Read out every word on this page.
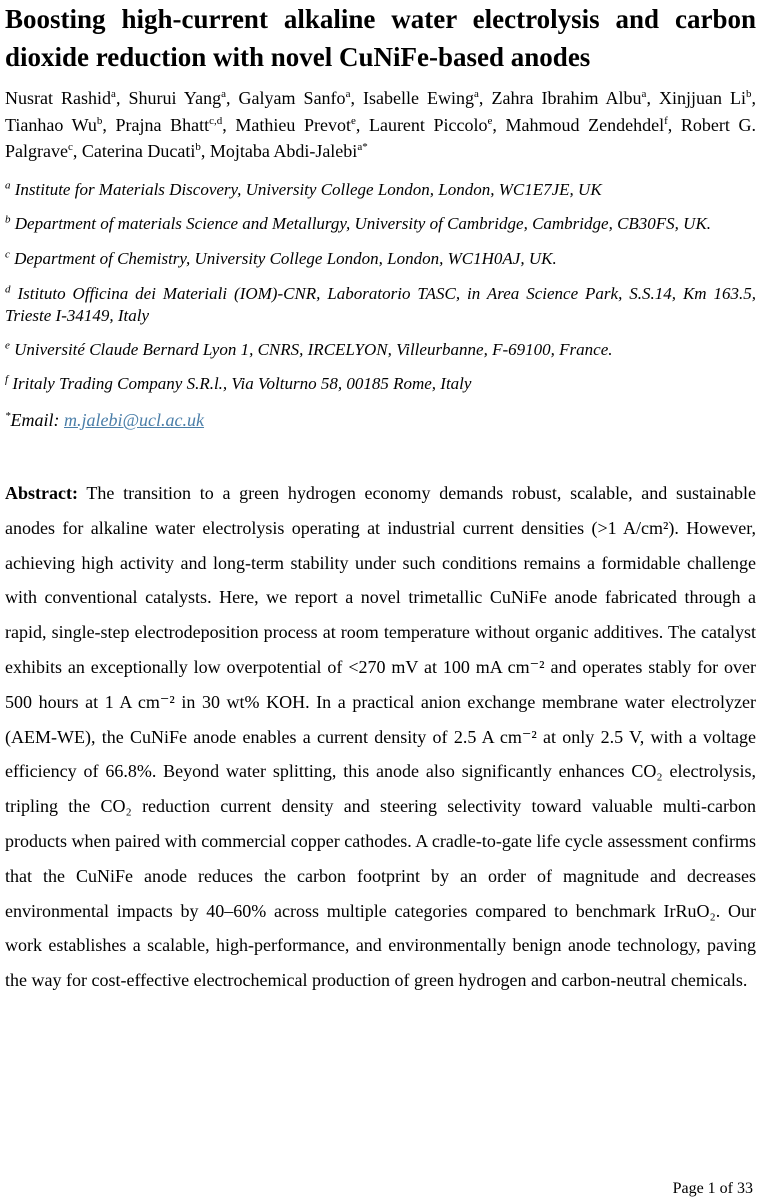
Boosting high-current alkaline water electrolysis and carbon dioxide reduction with novel CuNiFe-based anodes

Nusrat Rashid$^a$, Shurui Yang$^a$, Galyam Sanfo$^a$, Isabelle Ewing$^a$, Zahra Ibrahim Albu$^a$, Xinjjuan Li$^b$, Tianhao Wu$^b$, Prajna Bhatt$^{c,d}$, Mathieu Prevot$^e$, Laurent Piccolo$^e$, Mahmoud Zendehdel$^f$, Robert G. Palgrave$^c$, Caterina Ducati$^b$, Mojtaba Abdi-Jalebi$^{a*}$

$^a$ Institute for Materials Discovery, University College London, London, WC1E7JE, UK

$^b$ Department of materials Science and Metallurgy, University of Cambridge, Cambridge, CB30FS, UK.

$^c$ Department of Chemistry, University College London, London, WC1H0AJ, UK.

$^d$ Istituto Officina dei Materiali (IOM)-CNR, Laboratorio TASC, in Area Science Park, S.S.14, Km 163.5, Trieste I-34149, Italy

$^e$ Université Claude Bernard Lyon 1, CNRS, IRCELYON, Villeurbanne, F-69100, France.

$^f$ Iritaly Trading Company S.R.l., Via Volturno 58, 00185 Rome, Italy

*Email: m.jalebi@ucl.ac.uk

Abstract: The transition to a green hydrogen economy demands robust, scalable, and sustainable anodes for alkaline water electrolysis operating at industrial current densities (>1 A/cm²). However, achieving high activity and long-term stability under such conditions remains a formidable challenge with conventional catalysts. Here, we report a novel trimetallic CuNiFe anode fabricated through a rapid, single-step electrodeposition process at room temperature without organic additives. The catalyst exhibits an exceptionally low overpotential of <270 mV at 100 mA cm⁻² and operates stably for over 500 hours at 1 A cm⁻² in 30 wt% KOH. In a practical anion exchange membrane water electrolyzer (AEM-WE), the CuNiFe anode enables a current density of 2.5 A cm⁻² at only 2.5 V, with a voltage efficiency of 66.8%. Beyond water splitting, this anode also significantly enhances CO₂ electrolysis, tripling the CO₂ reduction current density and steering selectivity toward valuable multi-carbon products when paired with commercial copper cathodes. A cradle-to-gate life cycle assessment confirms that the CuNiFe anode reduces the carbon footprint by an order of magnitude and decreases environmental impacts by 40–60% across multiple categories compared to benchmark IrRuO₂. Our work establishes a scalable, high-performance, and environmentally benign anode technology, paving the way for cost-effective electrochemical production of green hydrogen and carbon-neutral chemicals.

Page 1 of 33
